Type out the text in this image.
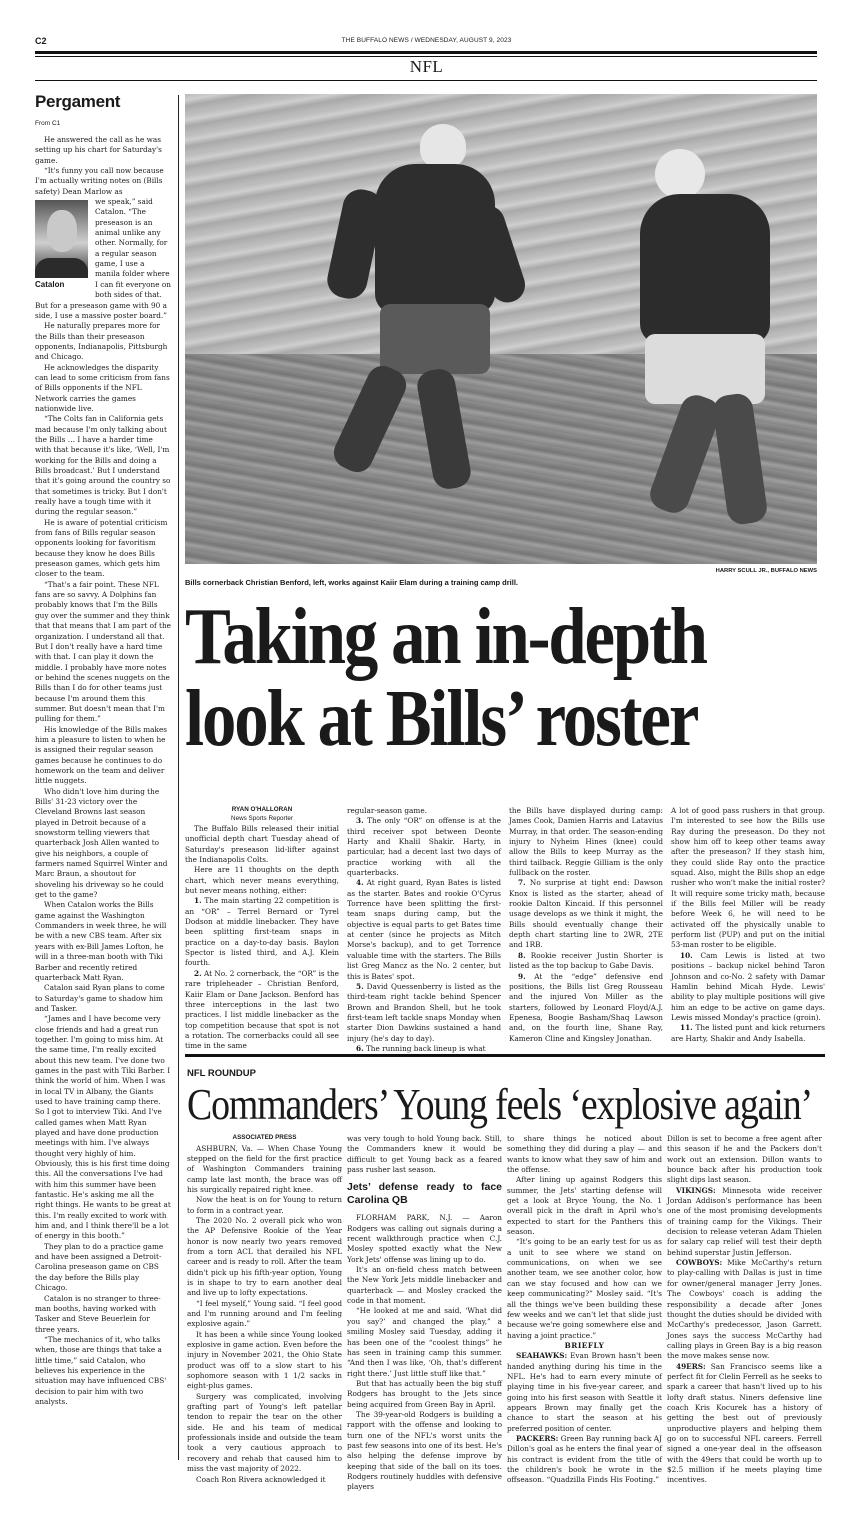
C2	THE BUFFALO NEWS / WEDNESDAY, AUGUST 9, 2023
NFL
Pergament
From C1

He answered the call as he was setting up his chart for Saturday's game.

“It's funny you call now because I'm actually writing notes on (Bills safety) Dean Marlow as

Catalon

we speak,” said Catalon. “The preseason is an animal unlike any other. Normally, for a regular season game, I use a manila folder where I can fit everyone on both sides of that. But for a preseason game with 90 a side, I use a massive poster board.”

He naturally prepares more for the Bills than their preseason opponents, Indianapolis, Pittsburgh and Chicago.

He acknowledges the disparity can lead to some criticism from fans of Bills opponents if the NFL Network carries the games nationwide live.

“The Colts fan in California gets mad because I'm only talking about the Bills … I have a harder time with that because it's like, ‘Well, I'm working for the Bills and doing a Bills broadcast.’ But I understand that it's going around the country so that sometimes is tricky. But I don't really have a tough time with it during the regular season.”

He is aware of potential criticism from fans of Bills regular season opponents looking for favoritism because they know he does Bills preseason games, which gets him closer to the team.

“That's a fair point. These NFL fans are so savvy. A Dolphins fan probably knows that I'm the Bills guy over the summer and they think that that means that I am part of the organization. I understand all that. But I don't really have a hard time with that. I can play it down the middle. I probably have more notes or behind the scenes nuggets on the Bills than I do for other teams just because I'm around them this summer. But doesn't mean that I'm pulling for them.”

His knowledge of the Bills makes him a pleasure to listen to when he is assigned their regular season games because he continues to do homework on the team and deliver little nuggets.

Who didn't love him during the Bills' 31-23 victory over the Cleveland Browns last season played in Detroit because of a snowstorm telling viewers that quarterback Josh Allen wanted to give his neighbors, a couple of farmers named Squirrel Winter and Marc Braun, a shoutout for shoveling his driveway so he could get to the game?

When Catalon works the Bills game against the Washington Commanders in week three, he will be with a new CBS team. After six years with ex-Bill James Lofton, he will in a three-man booth with Tiki Barber and recently retired quarterback Matt Ryan.

Catalon said Ryan plans to come to Saturday's game to shadow him and Tasker.

“James and I have become very close friends and had a great run together. I'm going to miss him. At the same time, I'm really excited about this new team. I've done two games in the past with Tiki Barber. I think the world of him. When I was in local TV in Albany, the Giants used to have training camp there. So I got to interview Tiki. And I've called games when Matt Ryan played and have done production meetings with him. I've always thought very highly of him. Obviously, this is his first time doing this. All the conversations I've had with him this summer have been fantastic. He's asking me all the right things. He wants to be great at this. I'm really excited to work with him and, and I think there'll be a lot of energy in this booth.”

They plan to do a practice game and have been assigned a Detroit-Carolina preseason game on CBS the day before the Bills play Chicago.

Catalon is no stranger to three-man booths, having worked with Tasker and Steve Beuerlein for three years.

“The mechanics of it, who talks when, those are things that take a little time,” said Catalon, who believes his experience in the situation may have influenced CBS' decision to pair him with two analysts.

HARRY SCULL JR., BUFFALO NEWS
Bills cornerback Christian Benford, left, works against Kaiir Elam during a training camp drill.
Taking an in-depth
look at Bills’ roster
RYAN O'HALLORAN
News Sports Reporter

The Buffalo Bills released their initial unofficial depth chart Tuesday ahead of Saturday's preseason lid-lifter against the Indianapolis Colts.

Here are 11 thoughts on the depth chart, which never means everything, but never means nothing, either:

1. The main starting 22 competition is an “OR” – Terrel Bernard or Tyrel Dodson at middle linebacker. They have been splitting first-team snaps in practice on a day-to-day basis. Baylon Spector is listed third, and A.J. Klein fourth.

2. At No. 2 cornerback, the “OR” is the rare tripleheader – Christian Benford, Kaiir Elam or Dane Jackson. Benford has three interceptions in the last two practices. I list middle linebacker as the top competition because that spot is not a rotation. The cornerbacks could all see time in the same

regular-season game.

3. The only “OR” on offense is at the third receiver spot between Deonte Harty and Khalil Shakir. Harty, in particular, had a decent last two days of practice working with all the quarterbacks.

4. At right guard, Ryan Bates is listed as the starter. Bates and rookie O'Cyrus Torrence have been splitting the first-team snaps during camp, but the objective is equal parts to get Bates time at center (since he projects as Mitch Morse's backup), and to get Torrence valuable time with the starters. The Bills list Greg Mancz as the No. 2 center, but this is Bates' spot.

5. David Quessenberry is listed as the third-team right tackle behind Spencer Brown and Brandon Shell, but he took first-team left tackle snaps Monday when starter Dion Dawkins sustained a hand injury (he's day to day).

6. The running back lineup is what

the Bills have displayed during camp: James Cook, Damien Harris and Latavius Murray, in that order. The season-ending injury to Nyheim Hines (knee) could allow the Bills to keep Murray as the third tailback. Reggie Gilliam is the only fullback on the roster.

7. No surprise at tight end: Dawson Knox is listed as the starter, ahead of rookie Dalton Kincaid. If this personnel usage develops as we think it might, the Bills should eventually change their depth chart starting line to 2WR, 2TE and 1RB.

8. Rookie receiver Justin Shorter is listed as the top backup to Gabe Davis.

9. At the “edge” defensive end positions, the Bills list Greg Rousseau and the injured Von Miller as the starters, followed by Leonard Floyd/A.J. Epenesa, Boogie Basham/Shaq Lawson and, on the fourth line, Shane Ray, Kameron Cline and Kingsley Jonathan.

A lot of good pass rushers in that group. I'm interested to see how the Bills use Ray during the preseason. Do they not show him off to keep other teams away after the preseason? If they stash him, they could slide Ray onto the practice squad. Also, might the Bills shop an edge rusher who won't make the initial roster? It will require some tricky math, because if the Bills feel Miller will be ready before Week 6, he will need to be activated off the physically unable to perform list (PUP) and put on the initial 53-man roster to be eligible.

10. Cam Lewis is listed at two positions – backup nickel behind Taron Johnson and co-No. 2 safety with Damar Hamlin behind Micah Hyde. Lewis' ability to play multiple positions will give him an edge to be active on game days. Lewis missed Monday's practice (groin).

11. The listed punt and kick returners are Harty, Shakir and Andy Isabella.

NFL ROUNDUP
Commanders’ Young feels ‘explosive again’
ASSOCIATED PRESS

ASHBURN, Va. — When Chase Young stepped on the field for the first practice of Washington Commanders training camp late last month, the brace was off his surgically repaired right knee.

Now the heat is on for Young to return to form in a contract year.

The 2020 No. 2 overall pick who won the AP Defensive Rookie of the Year honor is now nearly two years removed from a torn ACL that derailed his NFL career and is ready to roll. After the team didn't pick up his fifth-year option, Young is in shape to try to earn another deal and live up to lofty expectations.

“I feel myself,” Young said. “I feel good and I'm running around and I'm feeling explosive again.”

It has been a while since Young looked explosive in game action. Even before the injury in November 2021, the Ohio State product was off to a slow start to his sophomore season with 1 1/2 sacks in eight-plus games.

Surgery was complicated, involving grafting part of Young's left patellar tendon to repair the tear on the other side. He and his team of medical professionals inside and outside the team took a very cautious approach to recovery and rehab that caused him to miss the vast majority of 2022.

Coach Ron Rivera acknowledged it

was very tough to hold Young back. Still, the Commanders knew it would be difficult to get Young back as a feared pass rusher last season.

Jets’ defense ready to face Carolina QB

FLORHAM PARK, N.J. — Aaron Rodgers was calling out signals during a recent walkthrough practice when C.J. Mosley spotted exactly what the New York Jets' offense was lining up to do.

It's an on-field chess match between the New York Jets middle linebacker and quarterback — and Mosley cracked the code in that moment.

“He looked at me and said, ‘What did you say?’ and changed the play,” a smiling Mosley said Tuesday, adding it has been one of the “coolest things” he has seen in training camp this summer. “And then I was like, ‘Oh, that's different right there.’ Just little stuff like that.”

But that has actually been the big stuff Rodgers has brought to the Jets since being acquired from Green Bay in April.

The 39-year-old Rodgers is building a rapport with the offense and looking to turn one of the NFL's worst units the past few seasons into one of its best. He's also helping the defense improve by keeping that side of the ball on its toes. Rodgers routinely huddles with defensive players

to share things he noticed about something they did during a play — and wants to know what they saw of him and the offense.

After lining up against Rodgers this summer, the Jets' starting defense will get a look at Bryce Young, the No. 1 overall pick in the draft in April who's expected to start for the Panthers this season.

“It's going to be an early test for us as a unit to see where we stand on communications, on when we see another team, we see another color, how can we stay focused and how can we keep communicating?” Mosley said. “It's all the things we've been building these few weeks and we can't let that slide just because we're going somewhere else and having a joint practice.”

BRIEFLY

SEAHAWKS: Evan Brown hasn't been handed anything during his time in the NFL. He's had to earn every minute of playing time in his five-year career, and going into his first season with Seattle it appears Brown may finally get the chance to start the season at his preferred position of center.

PACKERS: Green Bay running back AJ Dillon's goal as he enters the final year of his contract is evident from the title of the children's book he wrote in the offseason. “Quadzilla Finds His Footing.”

Dillon is set to become a free agent after this season if he and the Packers don't work out an extension. Dillon wants to bounce back after his production took slight dips last season.

VIKINGS: Minnesota wide receiver Jordan Addison's performance has been one of the most promising developments of training camp for the Vikings. Their decision to release veteran Adam Thielen for salary cap relief will test their depth behind superstar Justin Jefferson.

COWBOYS: Mike McCarthy's return to play-calling with Dallas is just in time for owner/general manager Jerry Jones. The Cowboys' coach is adding the responsibility a decade after Jones thought the duties should be divided with McCarthy's predecessor, Jason Garrett. Jones says the success McCarthy had calling plays in Green Bay is a big reason the move makes sense now.

49ERS: San Francisco seems like a perfect fit for Clelin Ferrell as he seeks to spark a career that hasn't lived up to his lofty draft status. Niners defensive line coach Kris Kocurek has a history of getting the best out of previously unproductive players and helping them go on to successful NFL careers. Ferrell signed a one-year deal in the offseason with the 49ers that could be worth up to $2.5 million if he meets playing time incentives.
